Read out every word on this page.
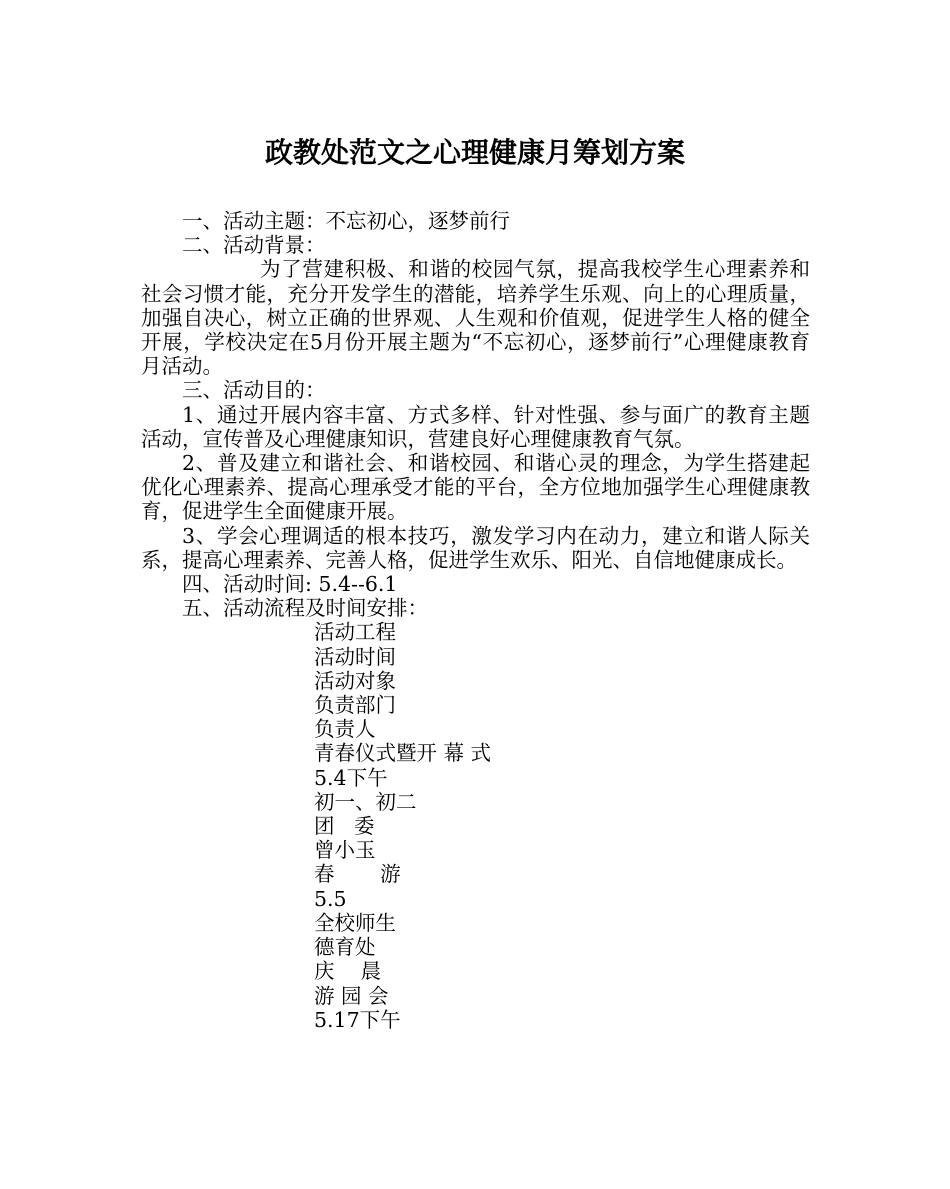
政教处范文之心理健康月筹划方案

一、活动主题：不忘初心，逐梦前行

二、活动背景：

为了营建积极、和谐的校园气氛，提高我校学生心理素养和社会习惯才能，充分开发学生的潜能，培养学生乐观、向上的心理质量，加强自决心，树立正确的世界观、人生观和价值观，促进学生人格的健全开展，学校决定在5月份开展主题为“不忘初心，逐梦前行”心理健康教育月活动。

三、活动目的：

1、通过开展内容丰富、方式多样、针对性强、参与面广的教育主题活动，宣传普及心理健康知识，营建良好心理健康教育气氛。

2、普及建立和谐社会、和谐校园、和谐心灵的理念，为学生搭建起优化心理素养、提高心理承受才能的平台，全方位地加强学生心理健康教育，促进学生全面健康开展。

3、学会心理调适的根本技巧，激发学习内在动力，建立和谐人际关系，提高心理素养、完善人格，促进学生欢乐、阳光、自信地健康成长。

四、活动时间: 5.4--6.1

五、活动流程及时间安排：

活动工程

活动时间

活动对象

负责部门

负责人

青春仪式暨开 幕 式

5.4下午

初一、初二

团   委

曾小玉

春       游

5.5

全校师生

德育处

庆    晨

游 园 会

5.17下午
